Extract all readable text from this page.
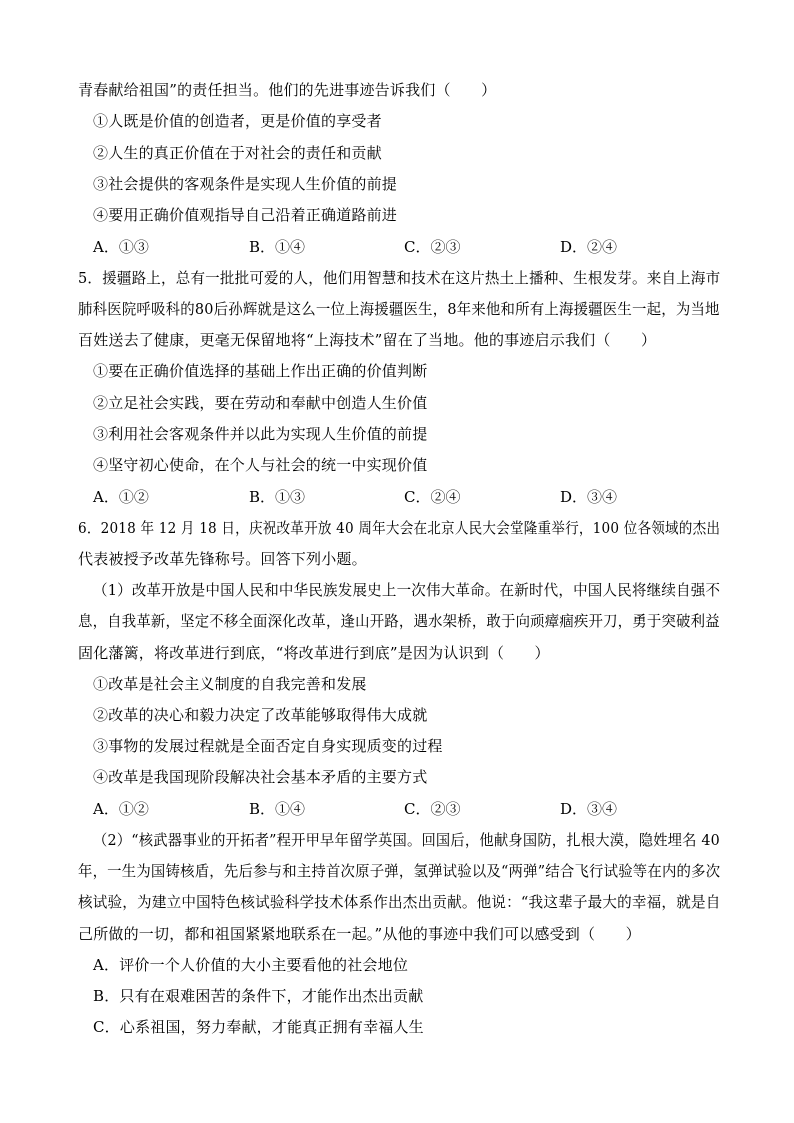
青春献给祖国”的责任担当。他们的先进事迹告诉我们（　　）
①人既是价值的创造者，更是价值的享受者
②人生的真正价值在于对社会的责任和贡献
③社会提供的客观条件是实现人生价值的前提
④要用正确价值观指导自己沿着正确道路前进
A．①③	B．①④	C．②③	D．②④
5．援疆路上，总有一批批可爱的人，他们用智慧和技术在这片热土上播种、生根发芽。来自上海市
肺科医院呼吸科的80后孙辉就是这么一位上海援疆医生，8年来他和所有上海援疆医生一起，为当地
百姓送去了健康，更毫无保留地将“上海技术”留在了当地。他的事迹启示我们（　　）
①要在正确价值选择的基础上作出正确的价值判断
②立足社会实践，要在劳动和奉献中创造人生价值
③利用社会客观条件并以此为实现人生价值的前提
④坚守初心使命，在个人与社会的统一中实现价值
A．①②	B．①③	C．②④	D．③④
6．2018 年 12 月 18 日，庆祝改革开放 40 周年大会在北京人民大会堂隆重举行，100 位各领域的杰出
代表被授予改革先锋称号。回答下列小题。
（1）改革开放是中国人民和中华民族发展史上一次伟大革命。在新时代，中国人民将继续自强不
息，自我革新，坚定不移全面深化改革，逢山开路，遇水架桥，敢于向顽瘴痼疾开刀，勇于突破利益
固化藩篱，将改革进行到底，“将改革进行到底”是因为认识到（　　）
①改革是社会主义制度的自我完善和发展
②改革的决心和毅力决定了改革能够取得伟大成就
③事物的发展过程就是全面否定自身实现质变的过程
④改革是我国现阶段解决社会基本矛盾的主要方式
A．①②	B．①④	C．②③	D．③④
（2）“核武器事业的开拓者”程开甲早年留学英国。回国后，他献身国防，扎根大漠，隐姓埋名 40
年，一生为国铸核盾，先后参与和主持首次原子弹，氢弹试验以及“两弹”结合飞行试验等在内的多次
核试验，为建立中国特色核试验科学技术体系作出杰出贡献。他说：“我这辈子最大的幸福，就是自
己所做的一切，都和祖国紧紧地联系在一起。”从他的事迹中我们可以感受到（　　）
A．评价一个人价值的大小主要看他的社会地位
B．只有在艰难困苦的条件下，才能作出杰出贡献
C．心系祖国，努力奉献，才能真正拥有幸福人生
